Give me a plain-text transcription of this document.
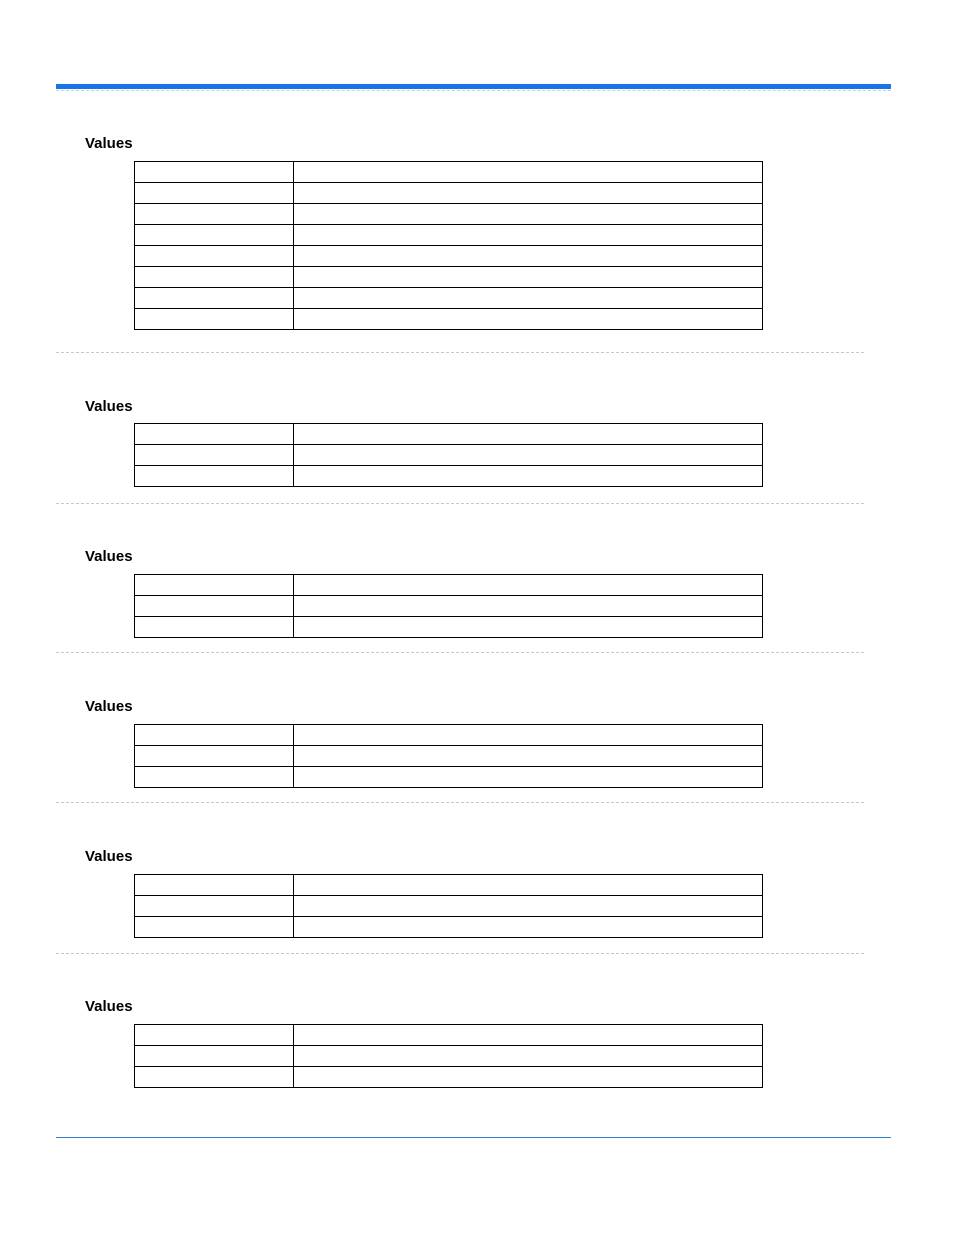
Values

Values

Values

Values

Values

Values
